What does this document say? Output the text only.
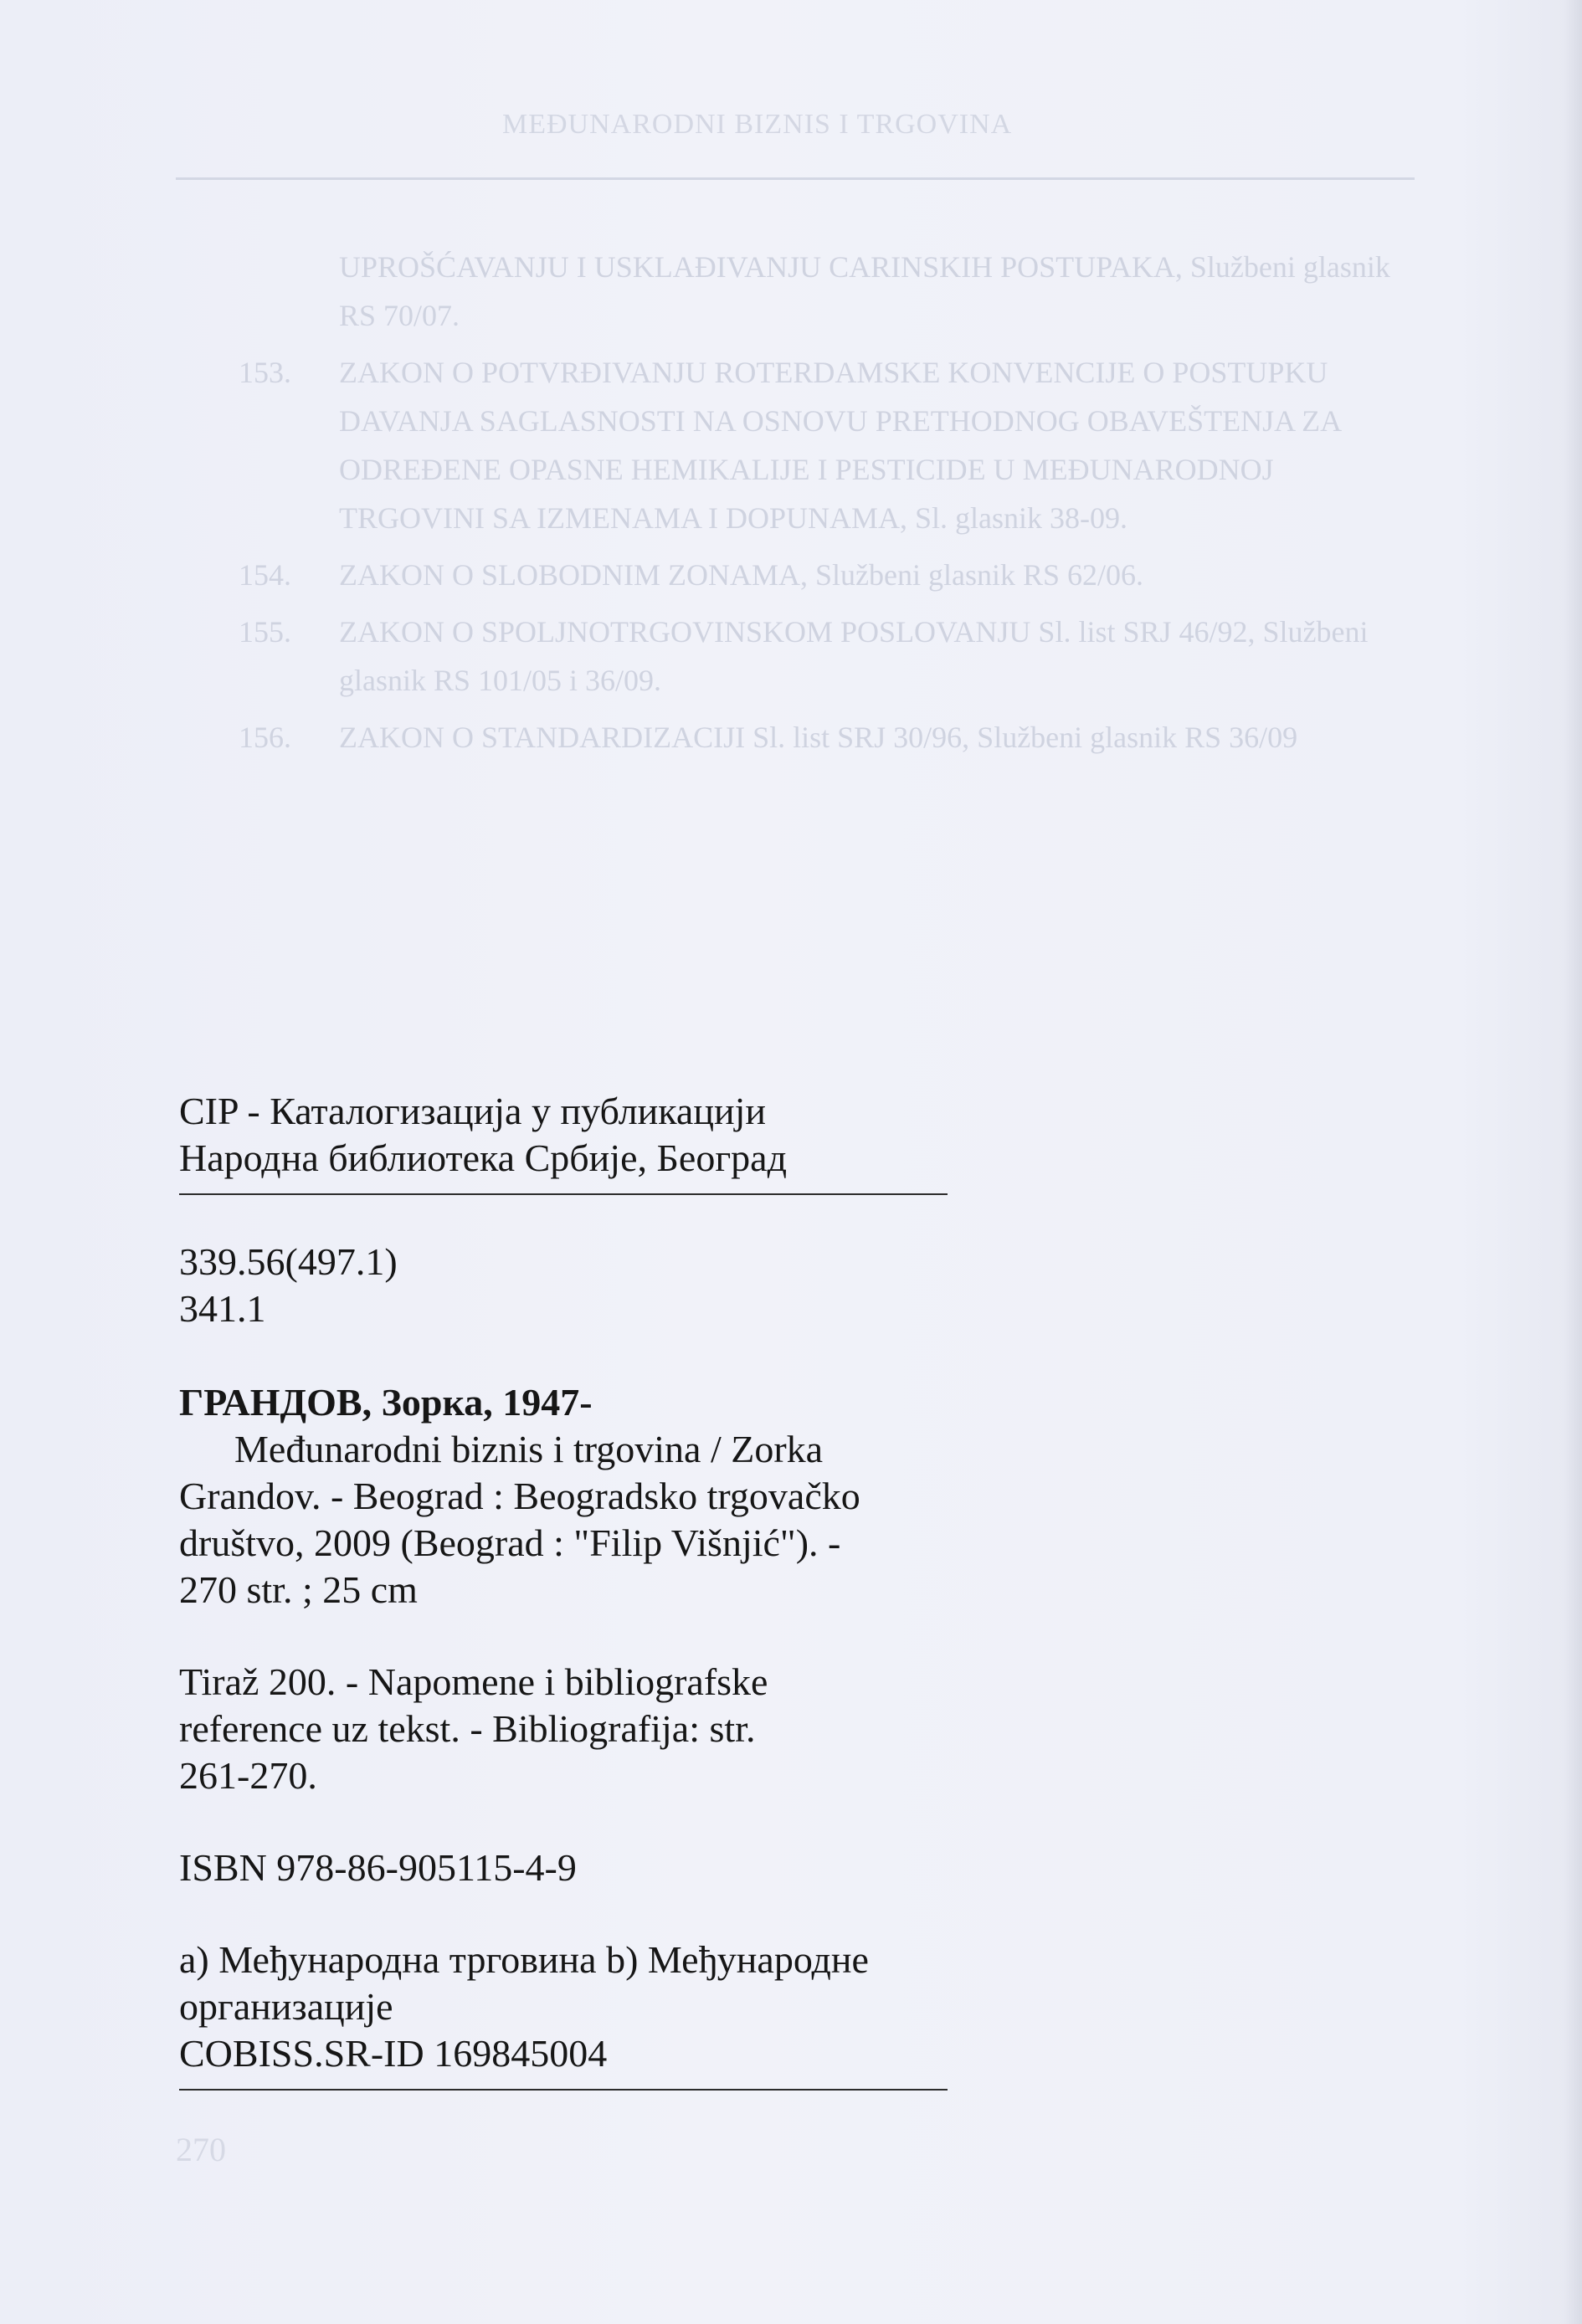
MEĐUNARODNI BIZNIS I TRGOVINA
UPROŠĆAVANJU I USKLAĐIVANJU CARINSKIH POSTUPAKA, Službeni glasnik RS 70/07.
153. ZAKON O POTVRĐIVANJU ROTERDAMSKE KONVENCIJE O POSTUPKU DAVANJA SAGLASNOSTI NA OSNOVU PRETHODNOG OBAVEŠTENJA ZA ODREĐENE OPASNE HEMIKALIJE I PESTICIDE U MEĐUNARODNOJ TRGOVINI SA IZMENAMA I DOPUNAMA, Sl. glasnik 38-09.
154. ZAKON O SLOBODNIM ZONAMA, Službeni glasnik RS 62/06.
155. ZAKON O SPOLJNOTRGOVINSKOM POSLOVANJU Sl. list SRJ 46/92, Službeni glasnik RS 101/05 i 36/09.
156. ZAKON O STANDARDIZACIJI Sl. list SRJ 30/96, Službeni glasnik RS 36/09
270
CIP - Каталогизација у публикацији
Народна библиотека Србије, Београд
339.56(497.1)
341.1
ГРАНДОВ, Зорка, 1947-
Međunarodni biznis i trgovina / Zorka
Grandov. - Beograd : Beogradsko trgovačko
društvo, 2009 (Beograd : "Filip Višnjić"). -
270 str. ; 25 cm
Tiraž 200. - Napomene i bibliografske
reference uz tekst. - Bibliografija: str.
261-270.
ISBN 978-86-905115-4-9
а) Међународна трговина b) Међународне
организације
COBISS.SR-ID 169845004
